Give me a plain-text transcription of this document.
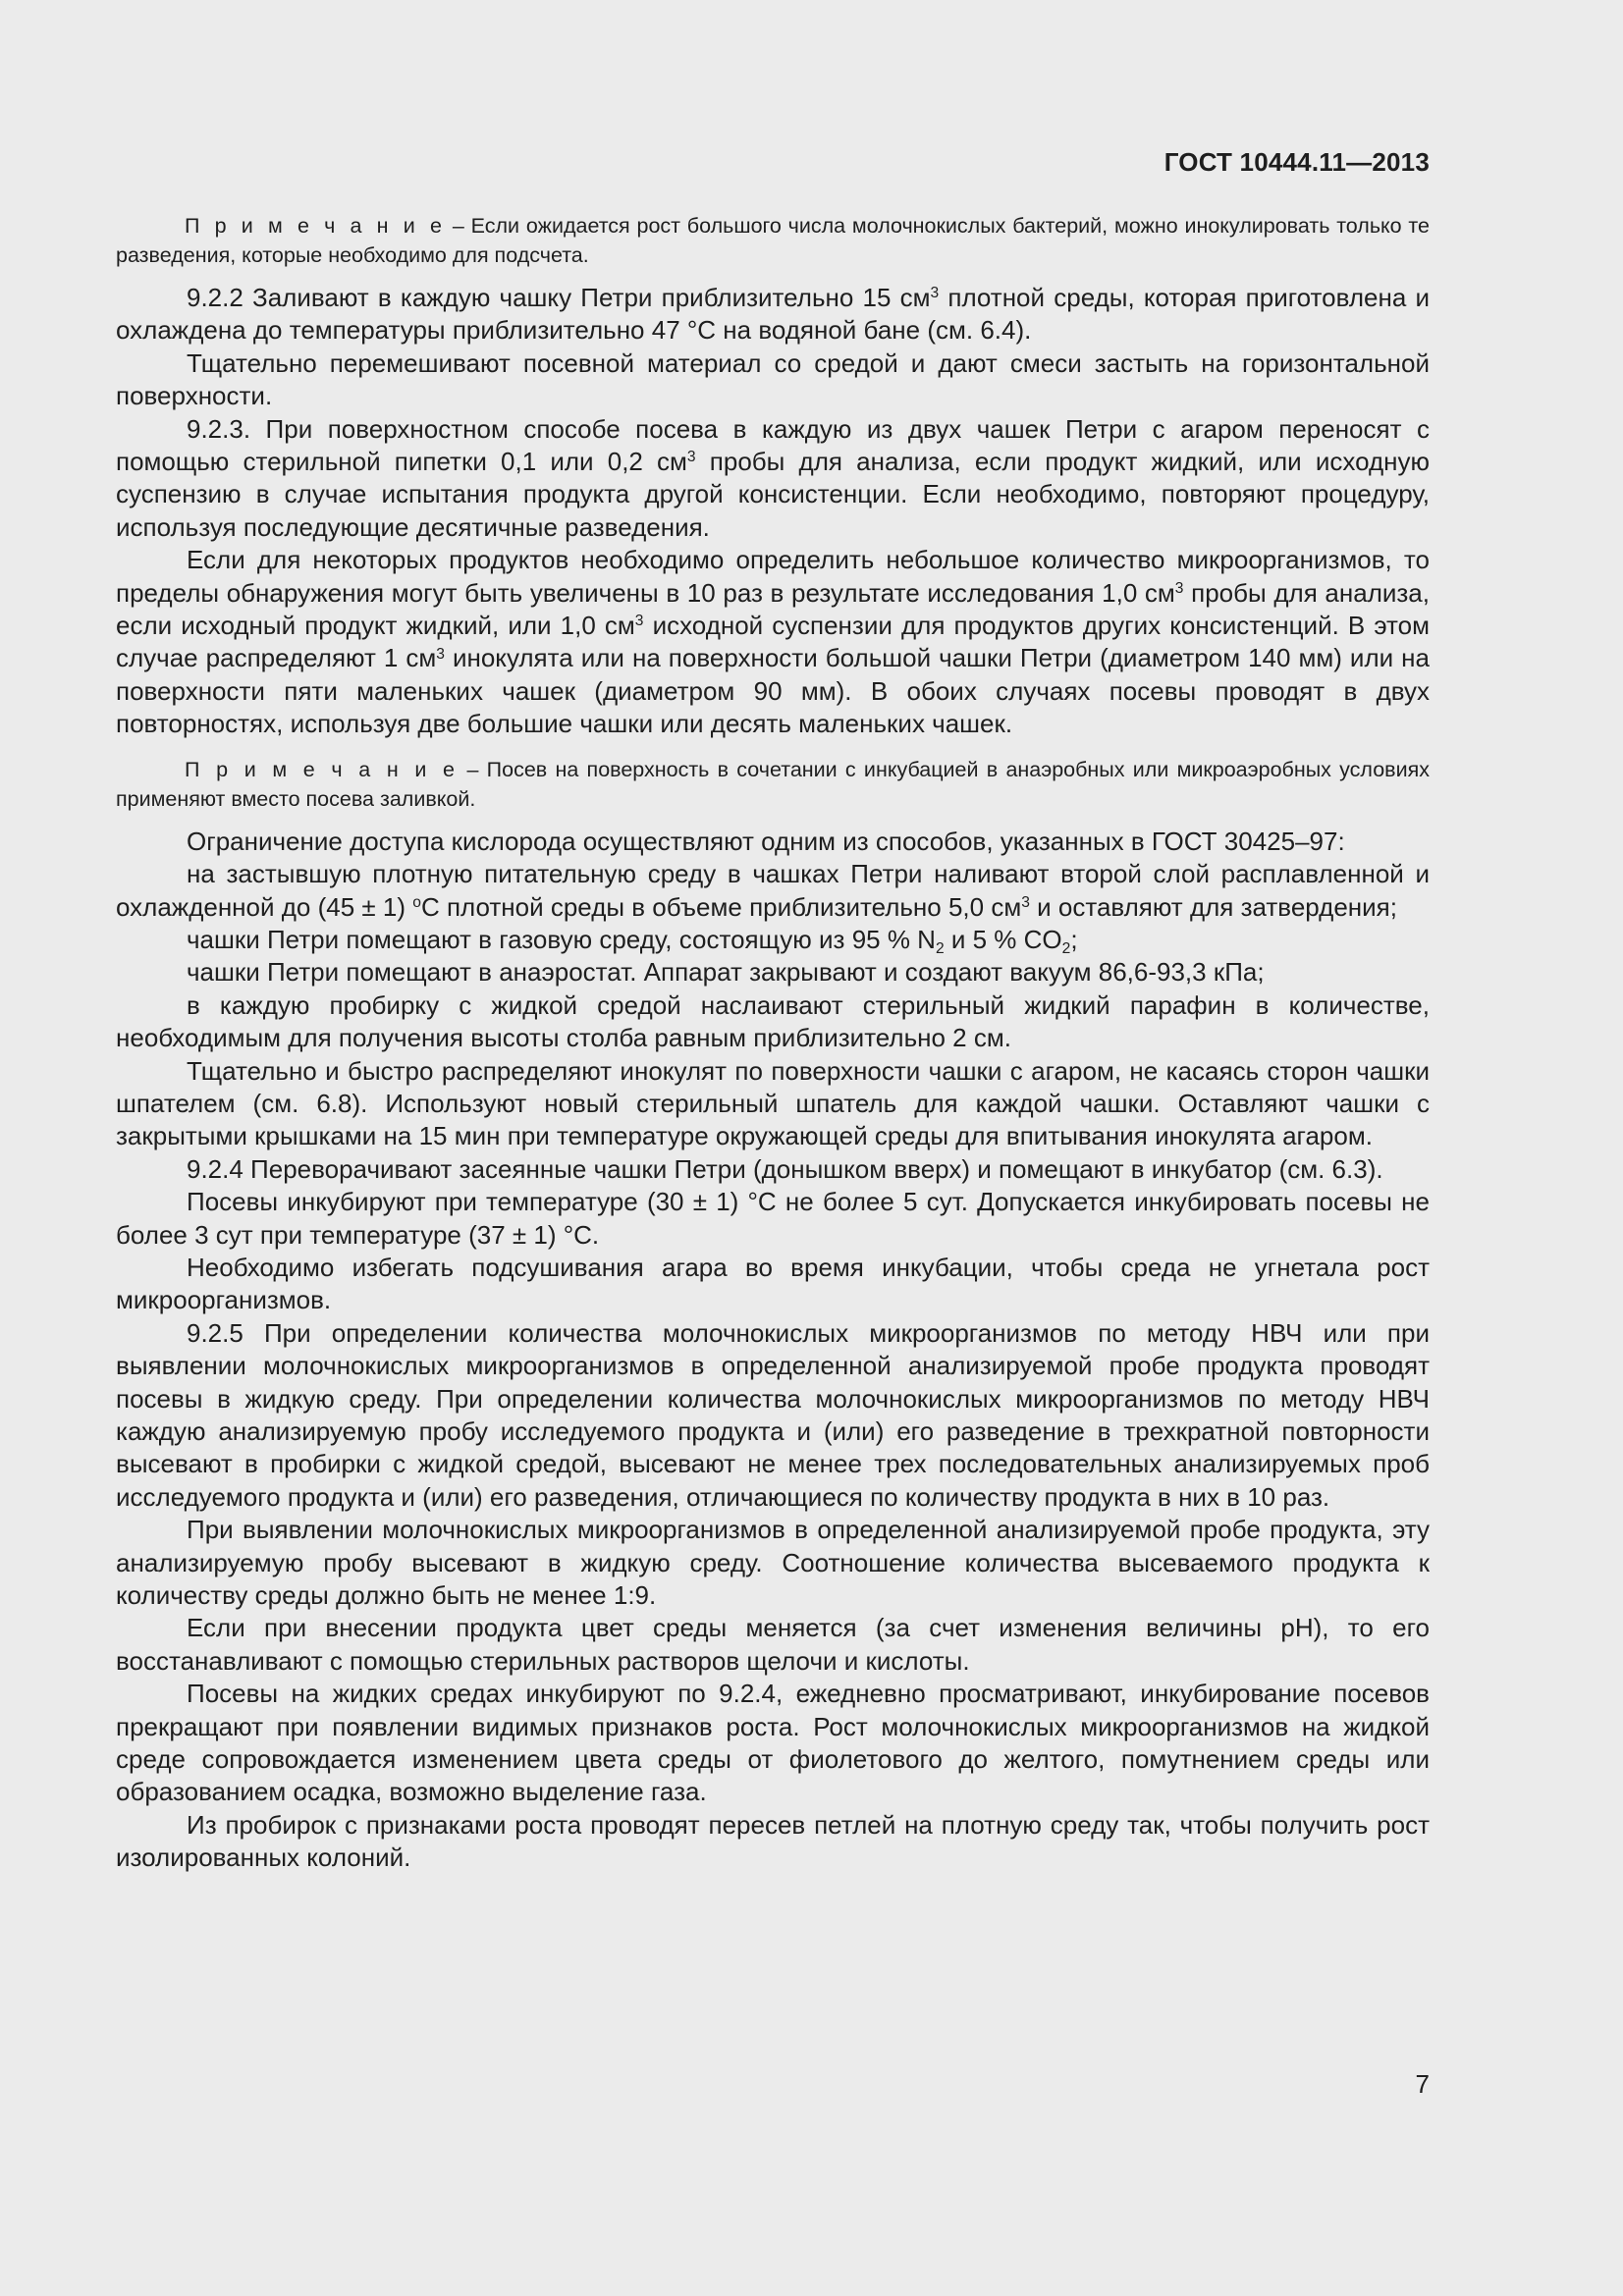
ГОСТ 10444.11—2013

П р и м е ч а н и е – Если ожидается рост большого числа молочнокислых бактерий, можно инокулировать только те разведения, которые необходимо для подсчета.

9.2.2 Заливают в каждую чашку Петри приблизительно 15 $см^3$ плотной среды, которая приготовлена и охлаждена до температуры приблизительно 47 °С на водяной бане (см. 6.4).

Тщательно перемешивают посевной материал со средой и дают смеси застыть на горизонтальной поверхности.

9.2.3. При поверхностном способе посева в каждую из двух чашек Петри с агаром переносят с помощью стерильной пипетки 0,1 или 0,2 $см^3$ пробы для анализа, если продукт жидкий, или исходную суспензию в случае испытания продукта другой консистенции. Если необходимо, повторяют процедуру, используя последующие десятичные разведения.

Если для некоторых продуктов необходимо определить небольшое количество микроорганизмов, то пределы обнаружения могут быть увеличены в 10 раз в результате исследования 1,0 $см^3$ пробы для анализа, если исходный продукт жидкий, или 1,0 $см^3$ исходной суспензии для продуктов других консистенций. В этом случае распределяют 1 $см^3$ инокулята или на поверхности большой чашки Петри (диаметром 140 мм) или на поверхности пяти маленьких чашек (диаметром 90 мм). В обоих случаях посевы проводят в двух повторностях, используя две большие чашки или десять маленьких чашек.

П р и м е ч а н и е – Посев на поверхность в сочетании с инкубацией в анаэробных или микроаэробных условиях применяют вместо посева заливкой.

Ограничение доступа кислорода осуществляют одним из способов, указанных в ГОСТ 30425–97:

на застывшую плотную питательную среду в чашках Петри наливают второй слой расплавленной и охлажденной до (45 ± 1) $^о$С плотной среды в объеме приблизительно 5,0 $см^3$ и оставляют для затвердения;

чашки Петри помещают в газовую среду, состоящую из 95 % $N_2$ и 5 % $CO_2$;

чашки Петри помещают в анаэростат. Аппарат закрывают и создают вакуум 86,6-93,3 кПа;

в каждую пробирку с жидкой средой наслаивают стерильный жидкий парафин в количестве, необходимым для получения высоты столба равным приблизительно 2 см.

Тщательно и быстро распределяют инокулят по поверхности чашки с агаром, не касаясь сторон чашки шпателем (см. 6.8). Используют новый стерильный шпатель для каждой чашки. Оставляют чашки с закрытыми крышками на 15 мин при температуре окружающей среды для впитывания инокулята агаром.

9.2.4 Переворачивают засеянные чашки Петри (донышком вверх) и помещают в инкубатор (см. 6.3).

Посевы инкубируют при температуре (30 ± 1) °С не более 5 сут. Допускается инкубировать посевы не более 3 сут при температуре (37 ± 1) °С.

Необходимо избегать подсушивания агара во время инкубации, чтобы среда не угнетала рост микроорганизмов.

9.2.5 При определении количества молочнокислых микроорганизмов по методу НВЧ или при выявлении молочнокислых микроорганизмов в определенной анализируемой пробе продукта проводят посевы в жидкую среду. При определении количества молочнокислых микроорганизмов по методу НВЧ каждую анализируемую пробу исследуемого продукта и (или) его разведение в трехкратной повторности высевают в пробирки с жидкой средой, высевают не менее трех последовательных анализируемых проб исследуемого продукта и (или) его разведения, отличающиеся по количеству продукта в них в 10 раз.

При выявлении молочнокислых микроорганизмов в определенной анализируемой пробе продукта, эту анализируемую пробу высевают в жидкую среду. Соотношение количества высеваемого продукта к количеству среды должно быть не менее 1:9.

Если при внесении продукта цвет среды меняется (за счет изменения величины рН), то его восстанавливают с помощью стерильных растворов щелочи и кислоты.

Посевы на жидких средах инкубируют по 9.2.4, ежедневно просматривают, инкубирование посевов прекращают при появлении видимых признаков роста. Рост молочнокислых микроорганизмов на жидкой среде сопровождается изменением цвета среды от фиолетового до желтого, помутнением среды или образованием осадка, возможно выделение газа.

Из пробирок с признаками роста проводят пересев петлей на плотную среду так, чтобы получить рост изолированных колоний.

7
